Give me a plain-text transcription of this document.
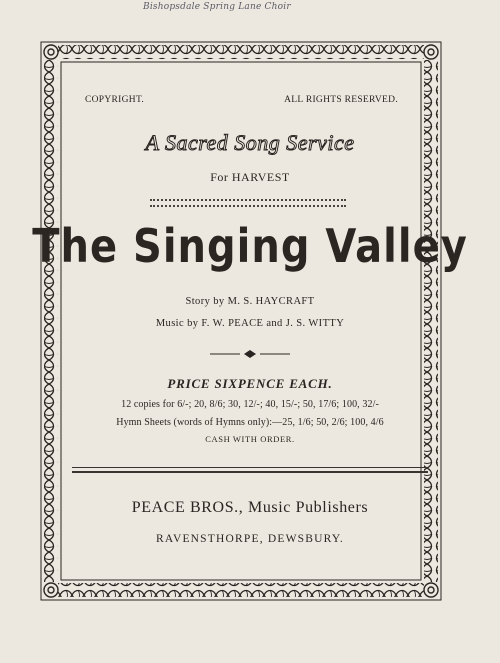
Bishopsdale Spring Lane Choir
COPYRIGHT.	ALL RIGHTS RESERVED.
A Sacred Song Service
For HARVEST
The Singing Valley
Story by M. S. HAYCRAFT
Music by F. W. PEACE and J. S. WITTY
PRICE SIXPENCE EACH.
12 copies for 6/-; 20, 8/6; 30, 12/-; 40, 15/-; 50, 17/6; 100, 32/-
Hymn Sheets (words of Hymns only):—25, 1/6; 50, 2/6; 100, 4/6
CASH WITH ORDER.
PEACE BROS., Music Publishers
RAVENSTHORPE, DEWSBURY.
